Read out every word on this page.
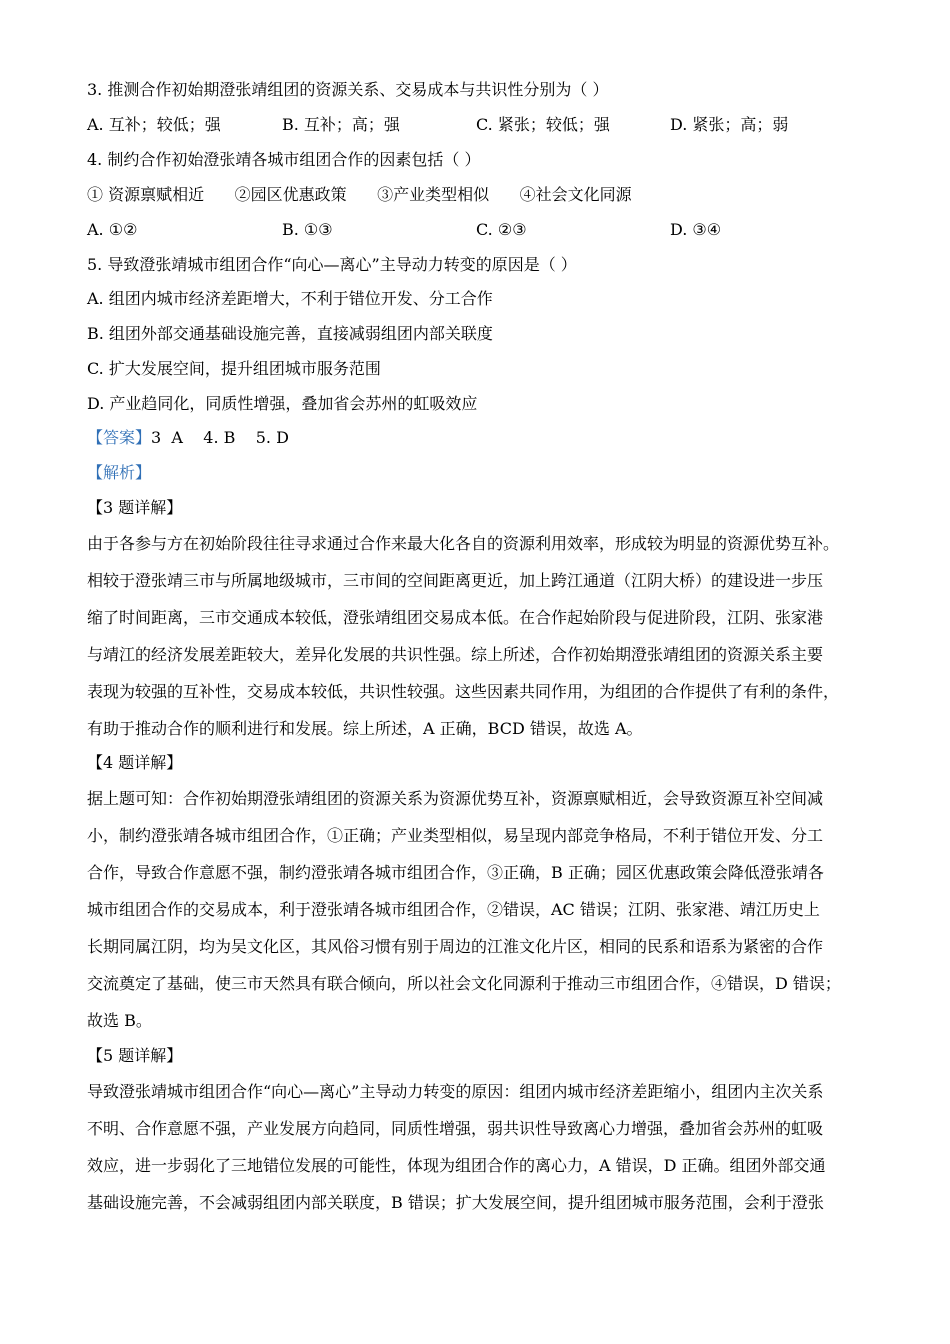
3. 推测合作初始期澄张靖组团的资源关系、交易成本与共识性分别为（ ）
A. 互补；较低；强	B. 互补；高；强	C. 紧张；较低；强	D. 紧张；高；弱
4. 制约合作初始澄张靖各城市组团合作的因素包括（ ）
① 资源禀赋相近      ②园区优惠政策      ③产业类型相似      ④社会文化同源
A. ①②	B. ①③	C. ②③	D. ③④
5. 导致澄张靖城市组团合作“向心—离心”主导动力转变的原因是（ ）
A. 组团内城市经济差距增大，不利于错位开发、分工合作
B. 组团外部交通基础设施完善，直接减弱组团内部关联度
C. 扩大发展空间，提升组团城市服务范围
D. 产业趋同化，同质性增强，叠加省会苏州的虹吸效应
【答案】3  A    4. B    5. D
【解析】
【3 题详解】
由于各参与方在初始阶段往往寻求通过合作来最大化各自的资源利用效率，形成较为明显的资源优势互补。
相较于澄张靖三市与所属地级城市，三市间的空间距离更近，加上跨江通道（江阴大桥）的建设进一步压
缩了时间距离，三市交通成本较低，澄张靖组团交易成本低。在合作起始阶段与促进阶段，江阴、张家港
与靖江的经济发展差距较大，差异化发展的共识性强。综上所述，合作初始期澄张靖组团的资源关系主要
表现为较强的互补性，交易成本较低，共识性较强。这些因素共同作用，为组团的合作提供了有利的条件，
有助于推动合作的顺利进行和发展。综上所述，A 正确，BCD 错误，故选 A。
【4 题详解】
据上题可知：合作初始期澄张靖组团的资源关系为资源优势互补，资源禀赋相近，会导致资源互补空间减
小，制约澄张靖各城市组团合作，①正确；产业类型相似，易呈现内部竞争格局，不利于错位开发、分工
合作，导致合作意愿不强，制约澄张靖各城市组团合作，③正确，B 正确；园区优惠政策会降低澄张靖各
城市组团合作的交易成本，利于澄张靖各城市组团合作，②错误，AC 错误；江阴、张家港、靖江历史上
长期同属江阴，均为吴文化区，其风俗习惯有别于周边的江淮文化片区，相同的民系和语系为紧密的合作
交流奠定了基础，使三市天然具有联合倾向，所以社会文化同源利于推动三市组团合作，④错误，D 错误；
故选 B。
【5 题详解】
导致澄张靖城市组团合作“向心—离心”主导动力转变的原因：组团内城市经济差距缩小，组团内主次关系
不明、合作意愿不强，产业发展方向趋同，同质性增强，弱共识性导致离心力增强，叠加省会苏州的虹吸
效应，进一步弱化了三地错位发展的可能性，体现为组团合作的离心力，A 错误，D 正确。组团外部交通
基础设施完善，不会减弱组团内部关联度，B 错误；扩大发展空间，提升组团城市服务范围，会利于澄张
